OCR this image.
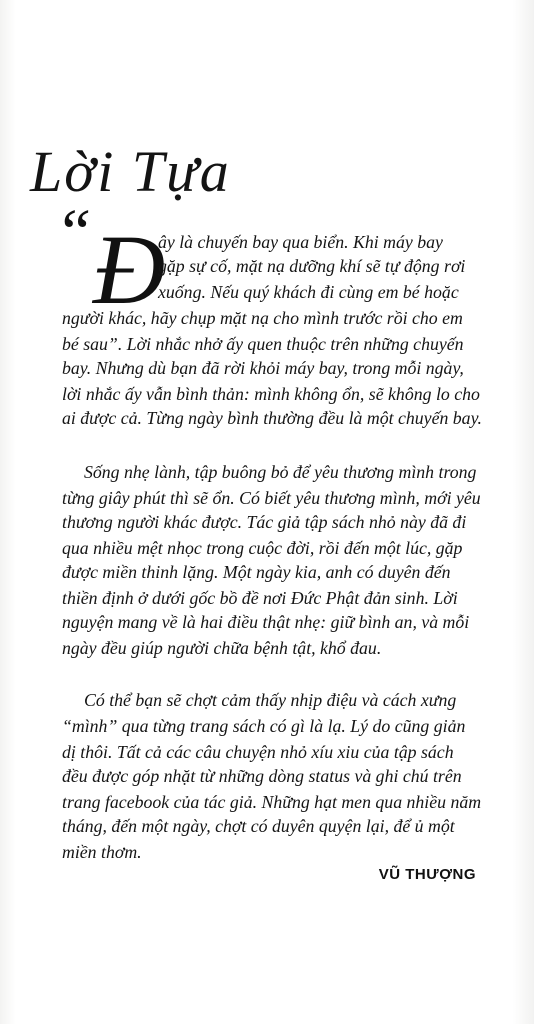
Lời Tựa
“ Đ
ây là chuyến bay qua biển. Khi máy bay
gặp sự cố, mặt nạ dưỡng khí sẽ tự động rơi
xuống. Nếu quý khách đi cùng em bé hoặc
người khác, hãy chụp mặt nạ cho mình trước rồi cho em
bé sau”. Lời nhắc nhở ấy quen thuộc trên những chuyến
bay. Nhưng dù bạn đã rời khỏi máy bay, trong mỗi ngày,
lời nhắc ấy vẫn bình thản: mình không ổn, sẽ không lo cho
ai được cả. Từng ngày bình thường đều là một chuyến bay.
Sống nhẹ lành, tập buông bỏ để yêu thương mình trong
từng giây phút thì sẽ ổn. Có biết yêu thương mình, mới yêu
thương người khác được. Tác giả tập sách nhỏ này đã đi
qua nhiều mệt nhọc trong cuộc đời, rồi đến một lúc, gặp
được miền thinh lặng. Một ngày kia, anh có duyên đến
thiền định ở dưới gốc bồ đề nơi Đức Phật đản sinh. Lời
nguyện mang về là hai điều thật nhẹ: giữ bình an, và mỗi
ngày đều giúp người chữa bệnh tật, khổ đau.
Có thể bạn sẽ chợt cảm thấy nhịp điệu và cách xưng
“mình” qua từng trang sách có gì là lạ. Lý do cũng giản
dị thôi. Tất cả các câu chuyện nhỏ xíu xiu của tập sách
đều được góp nhặt từ những dòng status và ghi chú trên
trang facebook của tác giả. Những hạt men qua nhiều năm
tháng, đến một ngày, chợt có duyên quyện lại, để ủ một
miền thơm.
VŨ THƯỢNG
